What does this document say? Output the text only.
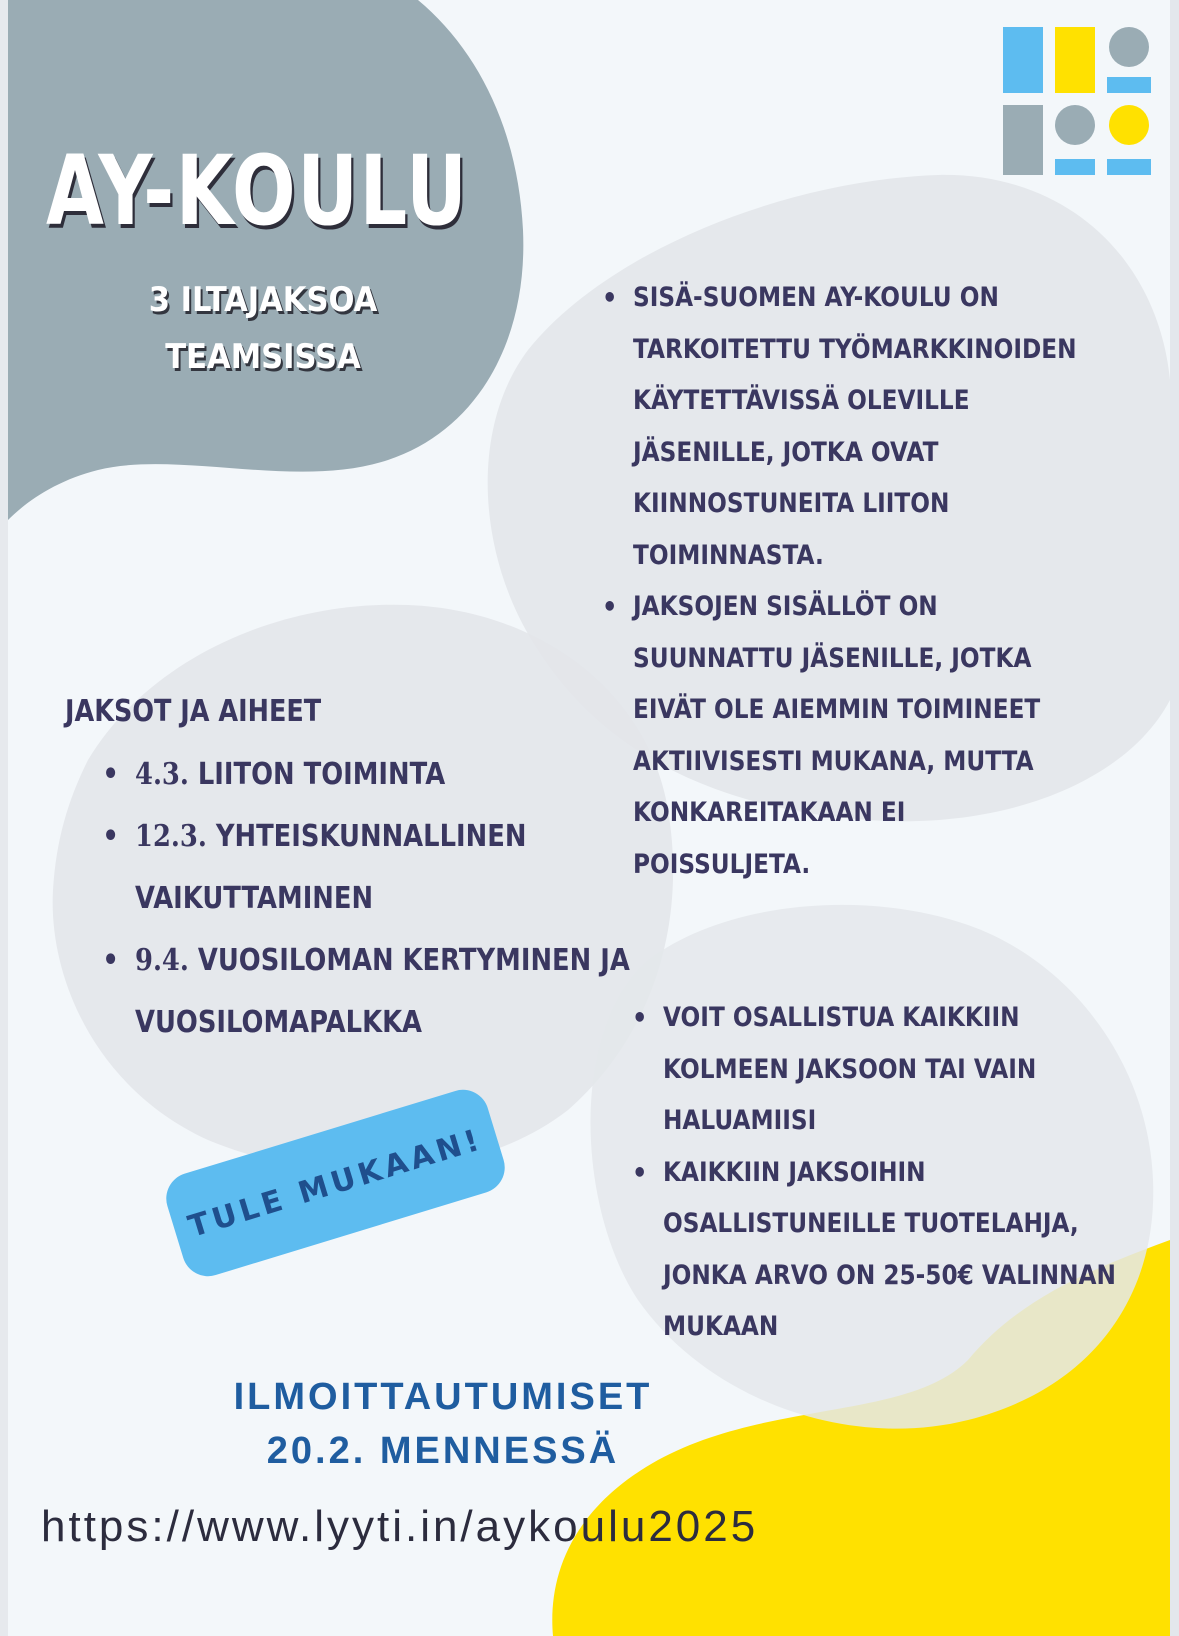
AY-KOULU
3 ILTAJAKSOA
TEAMSISSA
• SISÄ-SUOMEN AY-KOULU ON TARKOITETTU TYÖMARKKINOIDEN KÄYTETTÄVISSÄ OLEVILLE JÄSENILLE, JOTKA OVAT KIINNOSTUNEITA LIITON TOIMINNASTA.
• JAKSOJEN SISÄLLÖT ON SUUNNATTU JÄSENILLE, JOTKA EIVÄT OLE AIEMMIN TOIMINEET AKTIIVISESTI MUKANA, MUTTA KONKAREITAKAAN EI POISSULJETA.
JAKSOT JA AIHEET
• 4.3. LIITON TOIMINTA
• 12.3. YHTEISKUNNALLINEN VAIKUTTAMINEN
• 9.4. VUOSILOMAN KERTYMINEN JA VUOSILOMAPALKKA
•	VOIT OSALLISTUA KAIKKIIN KOLMEEN JAKSOON TAI VAIN HALUAMIISI
• KAIKKIIN JAKSOIHIN OSALLISTUNEILLE TUOTELAHJA, JONKA ARVO ON 25-50€ VALINNAN MUKAAN
TULE MUKAAN!
ILMOITTAUTUMISET
20.2. MENNESSÄ
https://www.lyyti.in/aykoulu2025
